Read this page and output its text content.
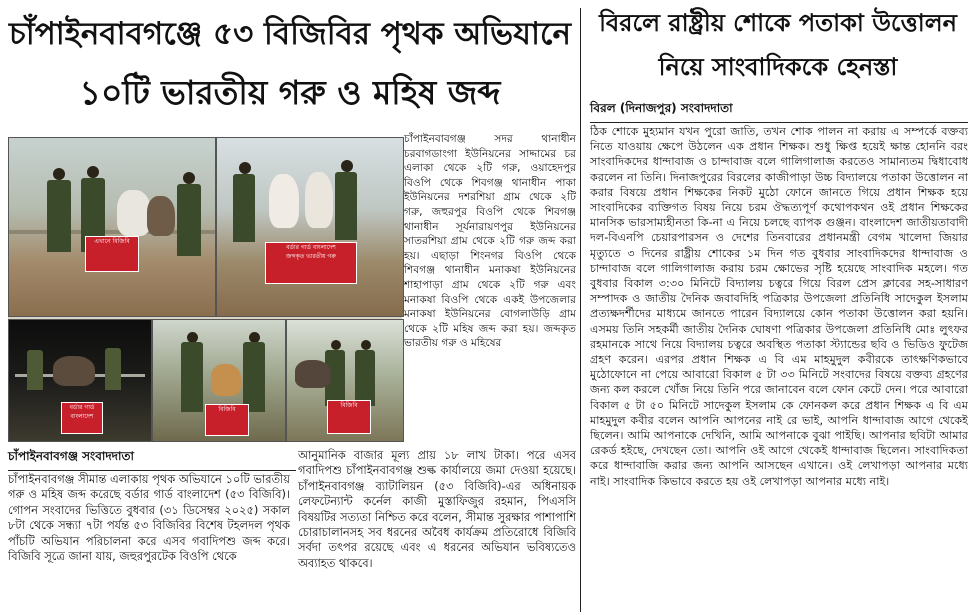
চাঁপাইনবাবগঞ্জে ৫৩ বিজিবির পৃথক অভিযানে
১০টি ভারতীয় গরু ও মহিষ জব্দ
এখানে বিজিবি
বর্ডার গার্ড বাংলাদেশ
জব্দকৃত ভারতীয় গরু
বর্ডার গার্ড বাংলাদেশ
বিজিবি
বিজিবি
চাঁপাইনবাবগঞ্জ সদর থানাধীন চরবাগডাংগা ইউনিয়নের সাদ্দামের চর এলাকা থেকে ২টি গরু, ওয়াহেদপুর বিওপি থেকে শিবগঞ্জ থানাধীন পাকা ইউনিয়নের দশরশিয়া গ্রাম থেকে ২টি গরু, জহুরপুর বিওপি থেকে শিবগঞ্জ থানাধীন সূর্যনারায়ণপুর ইউনিয়নের সাতরশিয়া গ্রাম থেকে ২টি গরু জব্দ করা হয়। এছাড়া শিংনগর বিওপি থেকে শিবগঞ্জ থানাধীন মনাকষা ইউনিয়নের শাহাপাড়া গ্রাম থেকে ২টি গরু এবং মনাকষা বিওপি থেকে একই উপজেলার মনাকষা ইউনিয়নের বোগলাউড়ি গ্রাম থেকে ২টি মহিষ জব্দ করা হয়। জব্দকৃত ভারতীয় গরু ও মহিষের
চাঁপাইনবাবগঞ্জ সংবাদদাতা
চাঁপাইনবাবগঞ্জ সীমান্ত এলাকায় পৃথক অভিযানে ১০টি ভারতীয় গরু ও মহিষ জব্দ করেছে বর্ডার গার্ড বাংলাদেশ (৫৩ বিজিবি)। গোপন সংবাদের ভিত্তিতে বুধবার (৩১ ডিসেম্বর ২০২৫) সকাল ৮টা থেকে সন্ধ্যা ৭টা পর্যন্ত ৫৩ বিজিবির বিশেষ টহলদল পৃথক পাঁচটি অভিযান পরিচালনা করে এসব গবাদিপশু জব্দ করে। বিজিবি সূত্রে জানা যায়, জহুরপুরটেক বিওপি থেকে
আনুমানিক বাজার মূল্য প্রায় ১৮ লাখ টাকা। পরে এসব গবাদিপশু চাঁপাইনবাবগঞ্জ শুল্ক কার্যালয়ে জমা দেওয়া হয়েছে। চাঁপাইনবাবগঞ্জ ব্যাটালিয়ন (৫৩ বিজিবি)-এর অধিনায়ক লেফটেন্যান্ট কর্নেল কাজী মুস্তাফিজুর রহমান, পিএসসি বিষয়টির সত্যতা নিশ্চিত করে বলেন, সীমান্ত সুরক্ষার পাশাপাশি চোরাচালানসহ সব ধরনের অবৈধ কার্যক্রম প্রতিরোধে বিজিবি সর্বদা তৎপর রয়েছে এবং এ ধরনের অভিযান ভবিষ্যতেও অব্যাহত থাকবে।
বিরলে রাষ্ট্রীয় শোকে পতাকা উত্তোলন
নিয়ে সাংবাদিককে হেনস্তা
বিরল (দিনাজপুর) সংবাদদাতা
ঠিক শোকে মুহ্যমান যখন পুরো জাতি, তখন শোক পালন না করায় এ সম্পর্কে বক্তব্য নিতে যাওয়ায় ক্ষেপে উঠলেন এক প্রধান শিক্ষক। শুধু ক্ষিপ্ত হয়েই ক্ষান্ত হোননি বরং সাংবাদিকদের ধান্দাবাজ ও চান্দাবাজ বলে গালিগালাজ করতেও সামান্যতম দ্বিধাবোধ করলেন না তিনি। দিনাজপুরের বিরলের কাজীপাড়া উচ্চ বিদ্যালয়ে পতাকা উত্তোলন না করার বিষয়ে প্রধান শিক্ষকের নিকট মুঠো ফোনে জানতে গিয়ে প্রধান শিক্ষক হয়ে সাংবাদিকের ব্যক্তিগত বিষয় নিয়ে চরম ঔদ্ধত্যপূর্ণ কথোপকথন ওই প্রধান শিক্ষকের মানসিক ভারসাম্যহীনতা কি-না এ নিয়ে চলছে ব্যাপক গুঞ্জন। বাংলাদেশ জাতীয়তাবাদী দল-বিএনপি চেয়ারপারসন ও দেশের তিনবারের প্রধানমন্ত্রী বেগম খালেদা জিয়ার মৃত্যুতে ৩ দিনের রাষ্ট্রীয় শোকের ১ম দিন গত বুধবার সাংবাদিকদের ধান্দাবাজ ও চান্দাবাজ বলে গালিগালাজ করায় চরম ক্ষোভের সৃষ্টি হয়েছে সাংবাদিক মহলে। গত বুধবার বিকাল ৩:৩০ মিনিটে বিদ্যালয় চত্বরে গিয়ে বিরল প্রেস ক্লাবের সহ-সাধারণ সম্পাদক ও জাতীয় দৈনিক জবাবদিহি পত্রিকার উপজেলা প্রতিনিধি সাদেকুল ইসলাম প্রত্যক্ষদর্শীদের মাধ্যমে জানতে পারেন বিদ্যালয়ে কোন পতাকা উত্তোলন করা হয়নি। এসময় তিনি সহকর্মী জাতীয় দৈনিক ঘোষণা পত্রিকার উপজেলা প্রতিনিধি মোঃ লুৎফর রহমানকে সাথে নিয়ে বিদ্যালয় চত্বরে অবস্থিত পতাকা স্ট্যান্ডের ছবি ও ভিডিও ফুটেজ গ্রহণ করেন। এরপর প্রধান শিক্ষক এ বি এম মাহমুদুল কবীরকে তাৎক্ষণিকভাবে মুঠোফোনে না পেয়ে আবারো বিকাল ৫ টা ৩৩ মিনিটে সংবাদের বিষয়ে বক্তব্য গ্রহণের জন্য কল করলে খোঁজ নিয়ে তিনি পরে জানাবেন বলে ফোন কেটে দেন। পরে আবারো বিকাল ৫ টা ৫০ মিনিটে সাদেকুল ইসলাম কে ফোনকল করে প্রধান শিক্ষক এ বি এম মাহমুদুল কবীর বলেন আপনি আপনের নাই রে ভাই, আপনি ধান্দাবাজ আগে থেকেই ছিলেন। আমি আপনাকে দেখিনি, আমি আপনাকে বুঝা পাইছি। আপনার ছবিটা আমার রেকর্ড হইছে, দেখছেন তো। আপনি ওই আগে থেকেই ধান্দাবাজ ছিলেন। সাংবাদিকতা করে ধান্দাবাজি করার জন্য আপনি আসছেন এখানে। ওই লেখাপড়া আপনার মধ্যে নাই। সাংবাদিক কিভাবে করতে হয় ওই লেখাপড়া আপনার মধ্যে নাই।
